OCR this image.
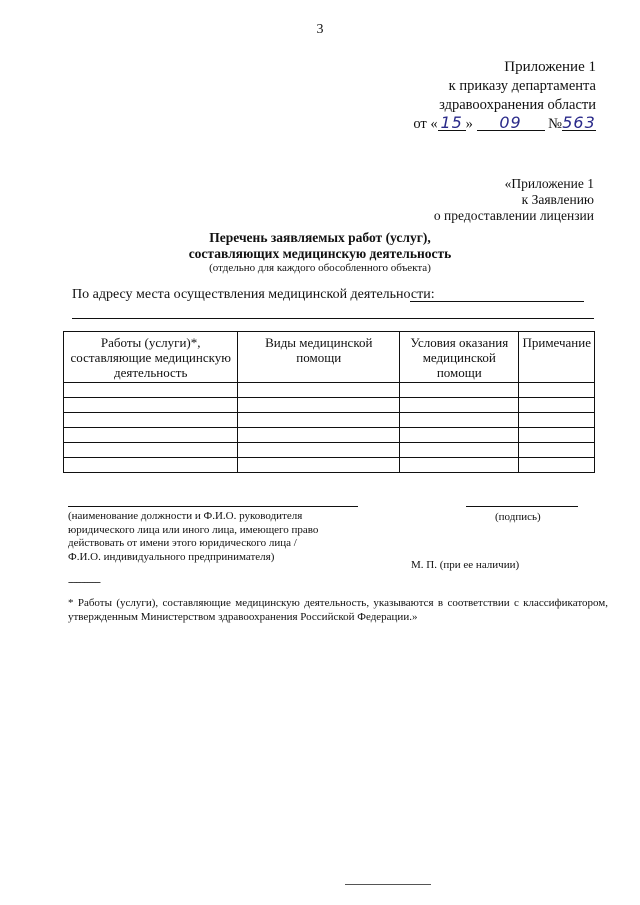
3
Приложение 1
к приказу департамента
здравоохранения области
от « 15 » 09 №563
«Приложение 1
к Заявлению
о предоставлении лицензии
Перечень заявляемых работ (услуг),
составляющих медицинскую деятельность
(отдельно для каждого обособленного объекта)
По адресу места осуществления медицинской деятельности:
Работы (услуги)*, составляющие медицинскую деятельность	Виды медицинской помощи	Условия оказания медицинской помощи	Примечание

(наименование должности и Ф.И.О. руководителя
юридического лица или иного лица, имеющего право
действовать от имени этого юридического лица /
Ф.И.О. индивидуального предпринимателя)
(подпись)
М. П. (при ее наличии)
------------
* Работы (услуги), составляющие медицинскую деятельность, указываются в соответствии с классификатором, утвержденным Министерством здравоохранения Российской Федерации.»
